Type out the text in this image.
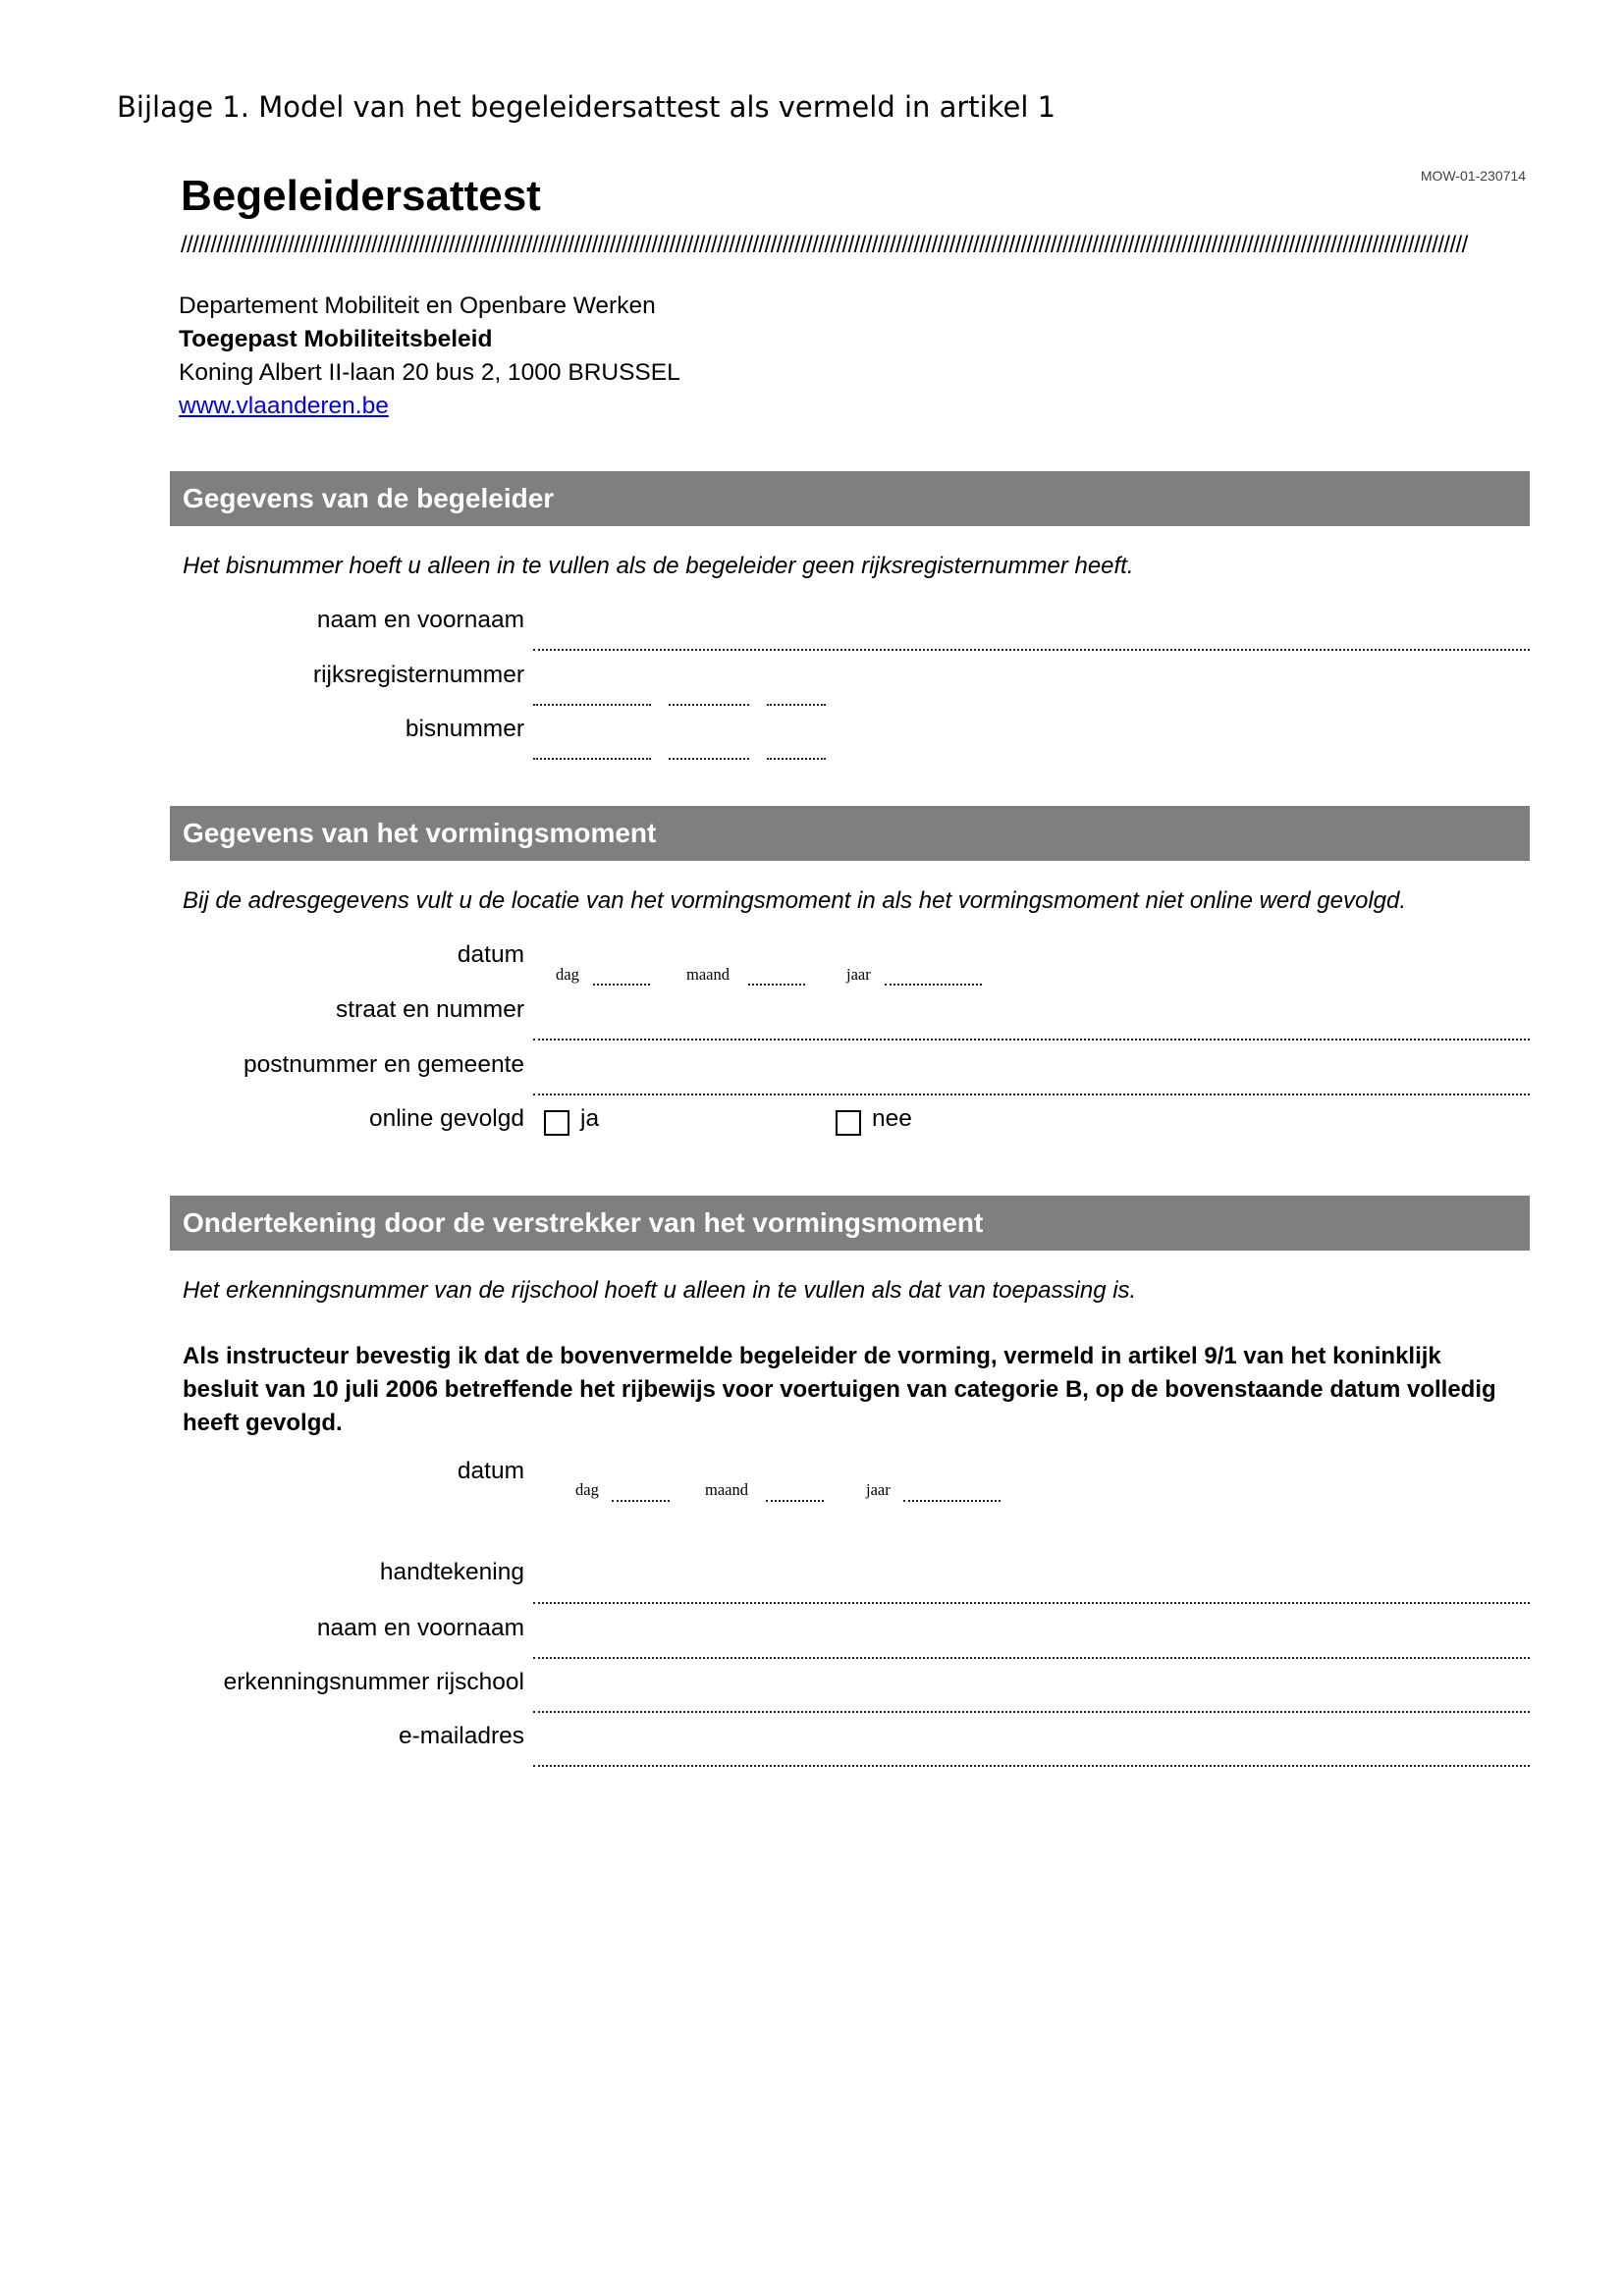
Bijlage 1. Model van het begeleidersattest als vermeld in artikel 1
MOW-01-230714
Begeleidersattest
////////////////////////////////////////////////////////////////////////////////////////////////////////////////////////////////////////////////////////////////////////////////////////////////////////////////////////
Departement Mobiliteit en Openbare Werken
Toegepast Mobiliteitsbeleid
Koning Albert II-laan 20 bus 2, 1000 BRUSSEL
www.vlaanderen.be
Gegevens van de begeleider
Het bisnummer hoeft u alleen in te vullen als de begeleider geen rijksregisternummer heeft.
naam en voornaam
rijksregisternummer
bisnummer
Gegevens van het vormingsmoment
Bij de adresgegevens vult u de locatie van het vormingsmoment in als het vormingsmoment niet online werd gevolgd.
datum
dag	maand	jaar
straat en nummer
postnummer en gemeente
online gevolgd ja	nee
Ondertekening door de verstrekker van het vormingsmoment
Het erkenningsnummer van de rijschool hoeft u alleen in te vullen als dat van toepassing is.
Als instructeur bevestig ik dat de bovenvermelde begeleider de vorming, vermeld in artikel 9/1 van het koninklijk besluit van 10 juli 2006 betreffende het rijbewijs voor voertuigen van categorie B, op de bovenstaande datum volledig heeft gevolgd.
datum
dag	maand	jaar
handtekening
naam en voornaam
erkenningsnummer rijschool
e-mailadres
